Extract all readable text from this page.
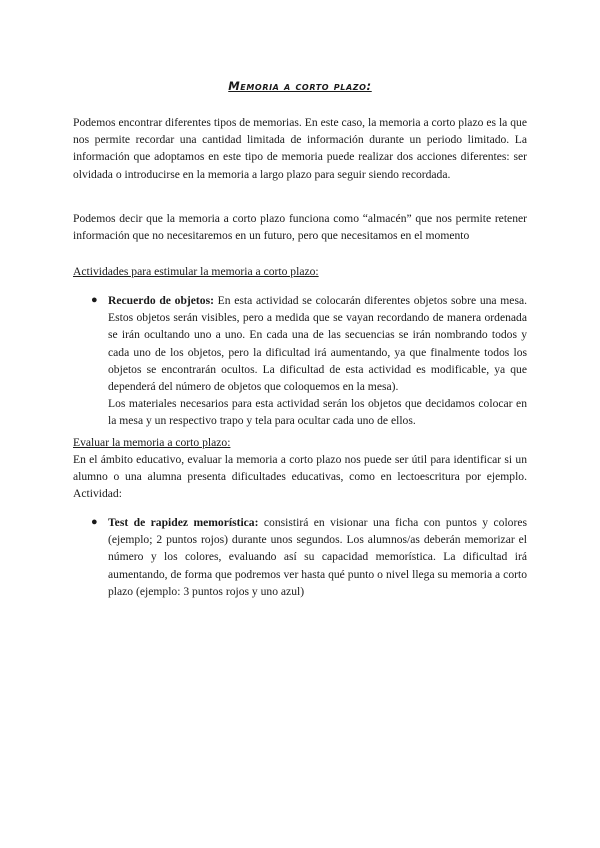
Memoria a corto plazo:
Podemos encontrar diferentes tipos de memorias. En este caso, la memoria a corto plazo es la que nos permite recordar una cantidad limitada de información durante un periodo limitado. La información que adoptamos en este tipo de memoria puede realizar dos acciones diferentes: ser olvidada o introducirse en la memoria a largo plazo para seguir siendo recordada.
Podemos decir que la memoria a corto plazo funciona como “almacén” que nos permite retener información que no necesitaremos en un futuro, pero que necesitamos en el momento
Actividades para estimular la memoria a corto plazo:
● Recuerdo de objetos: En esta actividad se colocarán diferentes objetos sobre una mesa. Estos objetos serán visibles, pero a medida que se vayan recordando de manera ordenada se irán ocultando uno a uno. En cada una de las secuencias se irán nombrando todos y cada uno de los objetos, pero la dificultad irá aumentando, ya que finalmente todos los objetos se encontrarán ocultos. La dificultad de esta actividad es modificable, ya que dependerá del número de objetos que coloquemos en la mesa).
Los materiales necesarios para esta actividad serán los objetos que decidamos colocar en la mesa y un respectivo trapo y tela para ocultar cada uno de ellos.
Evaluar la memoria a corto plazo:
En el ámbito educativo, evaluar la memoria a corto plazo nos puede ser útil para identificar si un alumno o una alumna presenta dificultades educativas, como en lectoescritura por ejemplo. Actividad:
● Test de rapidez memorística: consistirá en visionar una ficha con puntos y colores (ejemplo; 2 puntos rojos) durante unos segundos. Los alumnos/as deberán memorizar el número y los colores, evaluando así su capacidad memorística. La dificultad irá aumentando, de forma que podremos ver hasta qué punto o nivel llega su memoria a corto plazo (ejemplo: 3 puntos rojos y uno azul)
